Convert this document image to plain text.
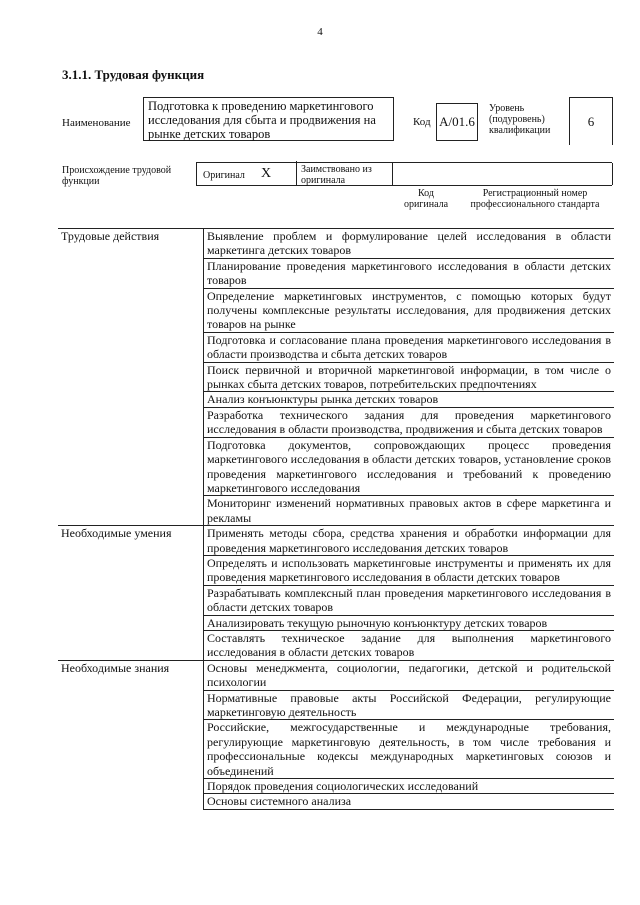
4
3.1.1. Трудовая функция
Наименование
Подготовка к проведению маркетингового исследования для сбыта и продвижения на рынке детских товаров
Код A/01.6
Уровень (подуровень) квалификации
6
Происхождение трудовой функции
Оригинал X	Заимствовано из оригинала
Код оригинала
Регистрационный номер профессионального стандарта
Трудовые действия	Выявление проблем и формулирование целей исследования в области маркетинга детских товаров
	Планирование проведения маркетингового исследования в области детских товаров
	Определение маркетинговых инструментов, с помощью которых будут получены комплексные результаты исследования, для продвижения детских товаров на рынке
	Подготовка и согласование плана проведения маркетингового исследования в области производства и сбыта детских товаров
	Поиск первичной и вторичной маркетинговой информации, в том числе о рынках сбыта детских товаров, потребительских предпочтениях
	Анализ конъюнктуры рынка детских товаров
	Разработка технического задания для проведения маркетингового исследования в области производства, продвижения и сбыта детских товаров
	Подготовка документов, сопровождающих процесс проведения маркетингового исследования в области детских товаров, установление сроков проведения маркетингового исследования и требований к проведению маркетингового исследования
	Мониторинг изменений нормативных правовых актов в сфере маркетинга и рекламы
Необходимые умения	Применять методы сбора, средства хранения и обработки информации для проведения маркетингового исследования детских товаров
	Определять и использовать маркетинговые инструменты и применять их для проведения маркетингового исследования в области детских товаров
	Разрабатывать комплексный план проведения маркетингового исследования в области детских товаров
	Анализировать текущую рыночную конъюнктуру детских товаров
	Составлять техническое задание для выполнения маркетингового исследования в области детских товаров
Необходимые знания	Основы менеджмента, социологии, педагогики, детской и родительской психологии
	Нормативные правовые акты Российской Федерации, регулирующие маркетинговую деятельность
	Российские, межгосударственные и международные требования, регулирующие маркетинговую деятельность, в том числе требования и профессиональные кодексы международных маркетинговых союзов и объединений
	Порядок проведения социологических исследований
	Основы системного анализа
